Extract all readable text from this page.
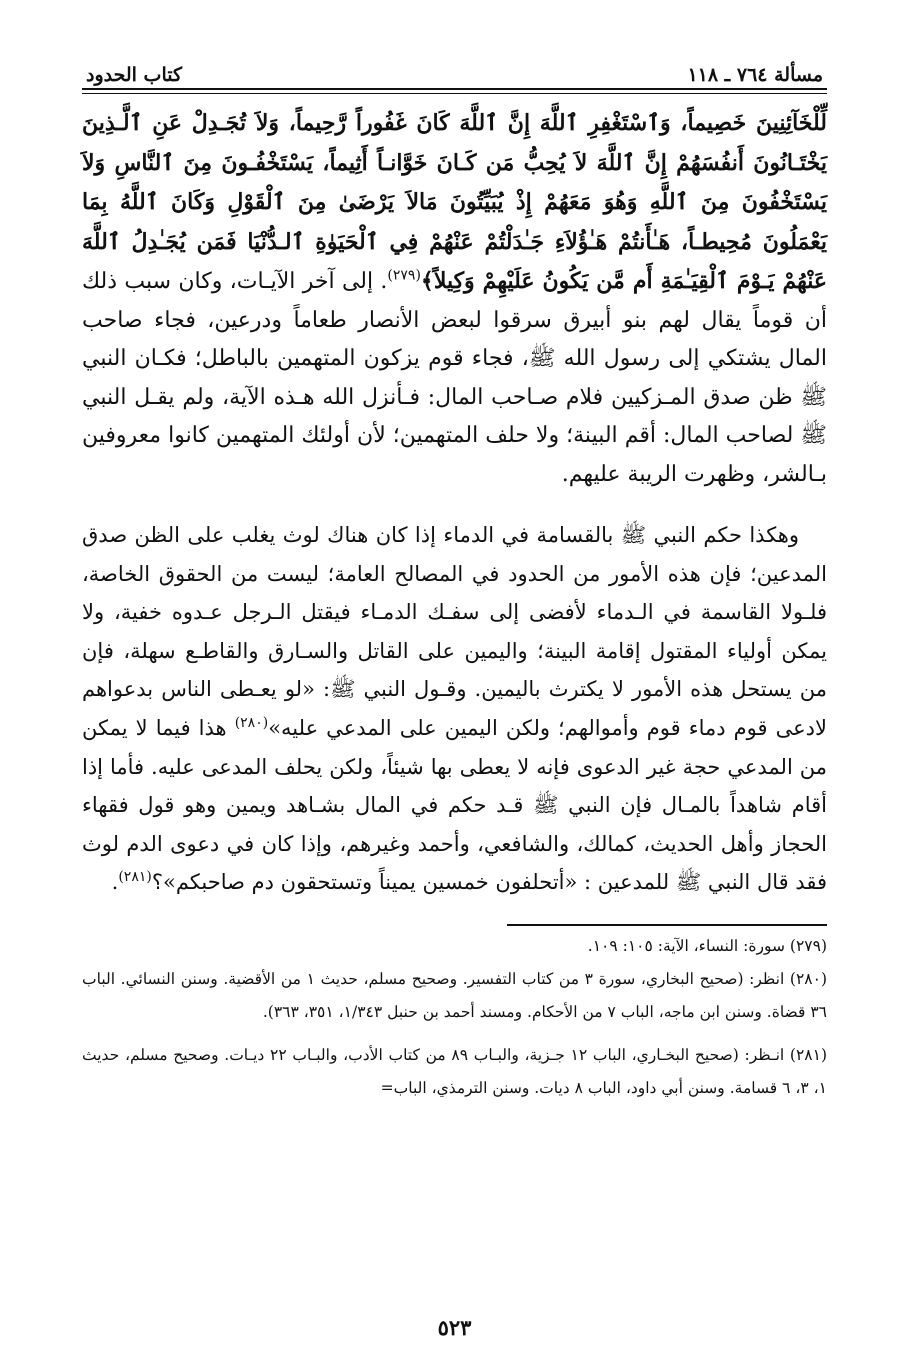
مسألة ٧٦٤ ـ ١١٨
كتاب الحدود

لِّلْخَآئِنِينَ خَصِيماً، وَٱسْتَغْفِرِ ٱللَّهَ إِنَّ ٱللَّهَ كَانَ غَفُوراً رَّحِيماً، وَلاَ تُجَـدِلْ عَنِ ٱلَّـذِينَ يَخْتَـانُونَ أَنفُسَهُمْ إِنَّ ٱللَّهَ لاَ يُحِبُّ مَن كَـانَ خَوَّانـاً أَثِيماً، يَسْتَخْفُـونَ مِنَ ٱلنَّاسِ وَلاَ يَسْتَخْفُونَ مِنَ ٱللَّهِ وَهُوَ مَعَهُمْ إِذْ يُبَيِّتُونَ مَالاَ يَرْضَىٰ مِنَ ٱلْقَوْلِ وَكَانَ ٱللَّهُ بِمَا يَعْمَلُونَ مُحِيطـاً، هَـٰأَنتُمْ هَـٰؤُلاَءِ جَـٰدَلْتُمْ عَنْهُمْ فِي ٱلْحَيَوٰةِ ٱلـدُّنْيَا فَمَن يُجَـٰدِلُ ٱللَّهَ عَنْهُمْ يَـوْمَ ٱلْقِيَـٰمَةِ أَم مَّن يَكُونُ عَلَيْهِمْ وَكِيلاً﴾$^{(٢٧٩)}$. إلى آخر الآيـات، وكان سبب ذلك أن قوماً يقال لهم بنو أبيرق سرقوا لبعض الأنصار طعاماً ودرعين، فجاء صاحب المال يشتكي إلى رسول الله ﷺ، فجاء قوم يزكون المتهمين بالباطل؛ فكـان النبي ﷺ ظن صدق المـزكيين فلام صـاحب المال: فـأنزل الله هـذه الآية، ولم يقـل النبي ﷺ لصاحب المال: أقم البينة؛ ولا حلف المتهمين؛ لأن أولئك المتهمين كانوا معروفين بـالشر، وظهرت الريبة عليهم.

وهكذا حكم النبي ﷺ بالقسامة في الدماء إذا كان هناك لوث يغلب على الظن صدق المدعين؛ فإن هذه الأمور من الحدود في المصالح العامة؛ ليست من الحقوق الخاصة، فلـولا القاسمة في الـدماء لأفضى إلى سفـك الدمـاء فيقتل الـرجل عـدوه خفية، ولا يمكن أولياء المقتول إقامة البينة؛ واليمين على القاتل والسـارق والقاطـع سهلة، فإن من يستحل هذه الأمور لا يكترث باليمين. وقـول النبي ﷺ: «لو يعـطى الناس بدعواهم لادعى قوم دماء قوم وأموالهم؛ ولكن اليمين على المدعي عليه»$^{(٢٨٠)}$ هذا فيما لا يمكن من المدعي حجة غير الدعوى فإنه لا يعطى بها شيئاً، ولكن يحلف المدعى عليه. فأما إذا أقام شاهداً بالمـال فإن النبي ﷺ قـد حكم في المال بشـاهد ويمين وهو قول فقهاء الحجاز وأهل الحديث، كمالك، والشافعي، وأحمد وغيرهم، وإذا كان في دعوى الدم لوث فقد قال النبي ﷺ للمدعين : «أتحلفون خمسين يميناً وتستحقون دم صاحبكم»؟$^{(٢٨١)}$.

(٢٧٩) سورة: النساء، الآية: ١٠٥: ١٠٩.

(٢٨٠) انظر: (صحيح البخاري، سورة ٣ من كتاب التفسير. وصحيح مسلم، حديث ١ من الأقضية. وسنن النسائي. الباب ٣٦ قضاة. وسنن ابن ماجه، الباب ٧ من الأحكام. ومسند أحمد بن حنبل ١/٣٤٣، ٣٥١، ٣٦٣).

(٢٨١) انـظر: (صحيح البخـاري، الباب ١٢ جـزية، والبـاب ٨٩ من كتاب الأدب، والبـاب ٢٢ ديـات. وصحيح مسلم، حديث ١، ٣، ٦ قسامة. وسنن أبي داود، الباب ٨ ديات. وسنن الترمذي، الباب=

٥٢٣
